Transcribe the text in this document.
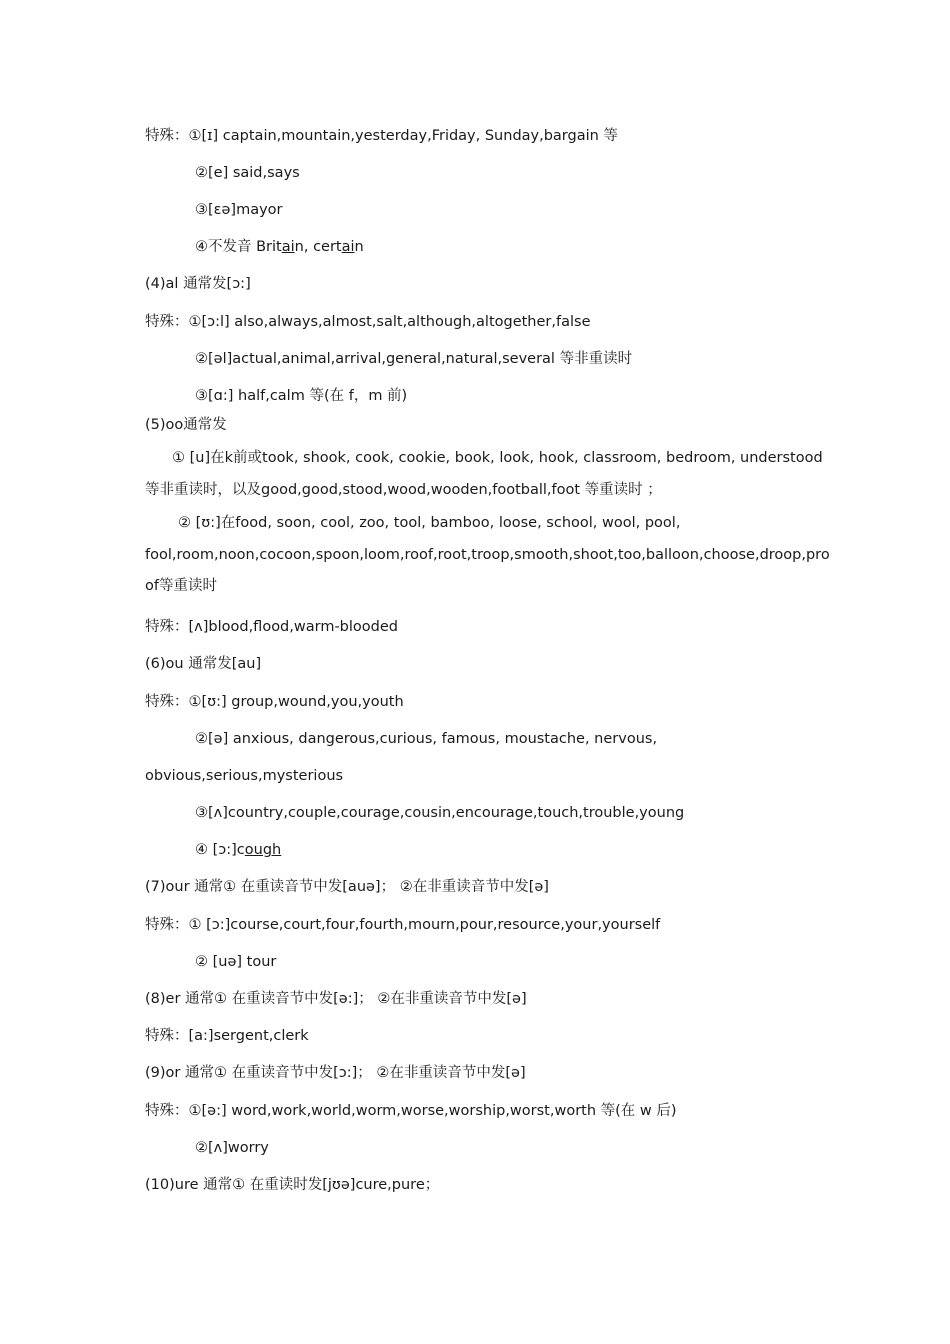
特殊：①[ɪ] captain,mountain,yesterday,Friday, Sunday,bargain 等
②[e] said,says
③[ɛə]mayor
④不发音 Britain, certain
(4)al 通常发[ɔ:]
特殊：①[ɔ:l] also,always,almost,salt,although,altogether,false
②[əl]actual,animal,arrival,general,natural,several 等非重读时
③[ɑ:] half,calm 等(在 f，m 前)
(5)oo通常发
① [u]在k前或took, shook, cook, cookie, book, look, hook, classroom, bedroom, understood
等非重读时，以及good,good,stood,wood,wooden,football,foot 等重读时 ；
② [ʊ:]在food, soon, cool, zoo, tool, bamboo, loose, school, wool, pool,
fool,room,noon,cocoon,spoon,loom,roof,root,troop,smooth,shoot,too,balloon,choose,droop,pro
of等重读时
特殊：[ʌ]blood,flood,warm-blooded
(6)ou 通常发[au]
特殊：①[ʊ:] group,wound,you,youth
②[ə] anxious, dangerous,curious, famous, moustache, nervous,
obvious,serious,mysterious
③[ʌ]country,couple,courage,cousin,encourage,touch,trouble,young
④ [ɔ:]cough
(7)our 通常① 在重读音节中发[auə]； ②在非重读音节中发[ə]
特殊：① [ɔ:]course,court,four,fourth,mourn,pour,resource,your,yourself
② [uə] tour
(8)er 通常① 在重读音节中发[ə:]； ②在非重读音节中发[ə]
特殊：[a:]sergent,clerk
(9)or 通常① 在重读音节中发[ɔ:]； ②在非重读音节中发[ə]
特殊：①[ə:] word,work,world,worm,worse,worship,worst,worth 等(在 w 后)
②[ʌ]worry
(10)ure 通常① 在重读时发[jʊə]cure,pure；
